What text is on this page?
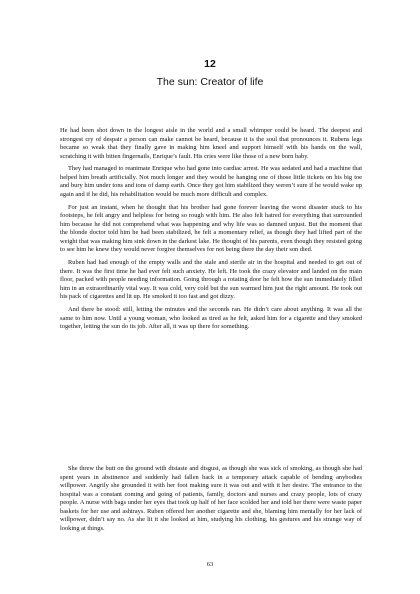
12
The sun: Creator of life

He had been shot down in the longest aisle in the world and a small whimper could be heard. The deepest and strongest cry of despair a person can make cannot be heard, because it is the soul that pronounces it. Rubens legs became so weak that they finally gave in making him kneel and support himself with his hands on the wall, scratching it with bitten fingernails, Enrique’s fault. His cries were like those of a new born baby.

They had managed to reanimate Enrique who had gone into cardiac arrest. He was sedated and had a machine that helped him breath artificially. Not much longer and they would be hanging one of those little tickets on his big toe and bury him under tons and tons of damp earth. Once they got him stabilized they weren’t sure if he would wake up again and if he did, his rehabilitation would be much more difficult and complex.

For just an instant, when he thought that his brother had gone forever leaving the worst disaster stuck to his footsteps, he felt angry and helpless for being so rough with him. He also felt hatred for everything that surrounded him because he did not comprehend what was happening and why life was so damned unjust. But the moment that the blonde doctor told him he had been stabilized, he felt a momentary relief, as though they had lifted part of the weight that was making him sink down in the darkest lake. He thought of his parents, even though they resisted going to see him he knew they would never forgive themselves for not being there the day their son died.

Ruben had had enough of the empty walls and the stale and sterile air in the hospital and needed to get out of there. It was the first time he had ever felt such anxiety. He left. He took the crazy elevator and landed on the main floor, packed with people needing information. Going through a rotating door he felt how the sun immediately filled him in an extraordinarily vital way. It was cold, very cold but the sun warmed him just the right amount. He took out his pack of cigarettes and lit up. He smoked it too fast and got dizzy.

And there he stood: still, letting the minutes and the seconds ran. He didn’t care about anything. It was all the same to him now. Until a young woman, who looked as tired as he felt, asked him for a cigarette and they smoked together, letting the sun do its job. After all, it was up there for something.

She threw the butt on the ground with distaste and disgust, as though she was sick of smoking, as though she had spent years in abstinence and suddenly had fallen back in a temporary attack capable of bending anybodies willpower. Angrily she grounded it with her foot making sure it was out and with it her desire. The entrance to the hospital was a constant coming and going of patients, family, doctors and nurses and crazy people, lots of crazy people. A nurse with bags under her eyes that took up half of her face scolded her and told her there were waste paper baskets for her use and ashtrays. Ruben offered her another cigarette and she, blaming him mentally for her lack of willpower, didn’t say no. As she lit it she looked at him, studying his clothing, his gestures and his strange way of looking at things.

63
